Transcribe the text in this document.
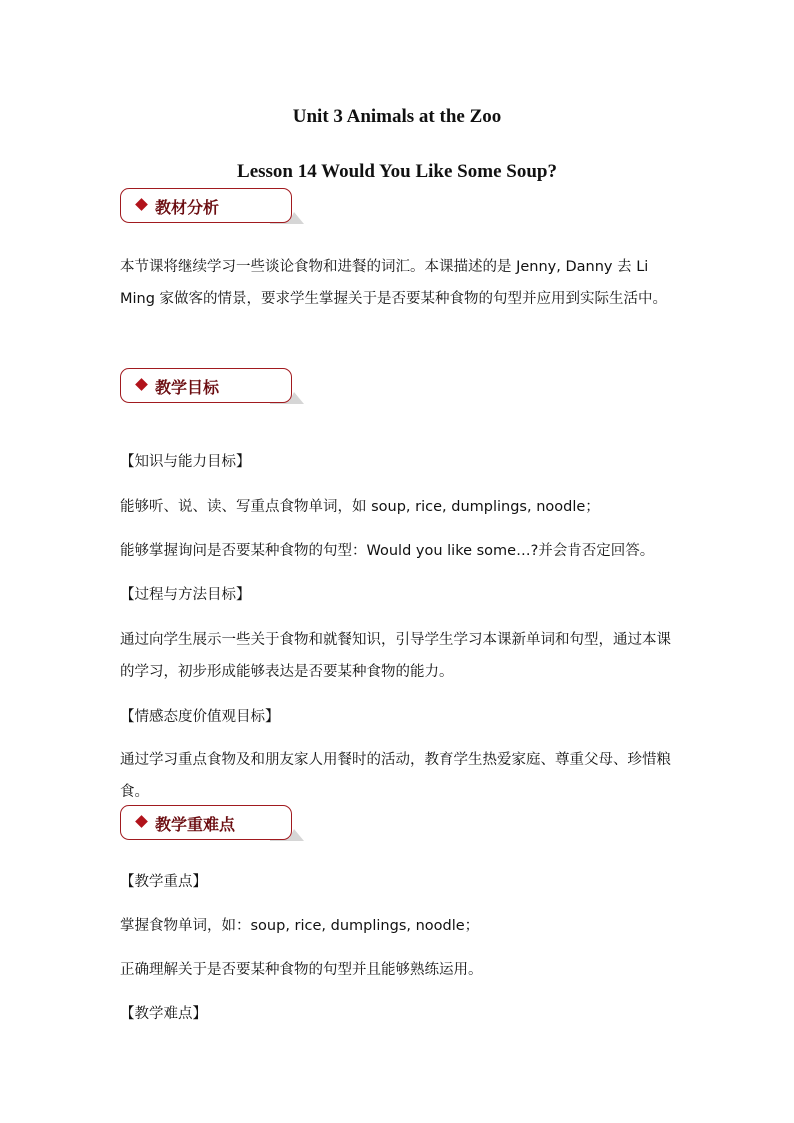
Unit 3 Animals at the Zoo
Lesson 14 Would You Like Some Soup?
教材分析

本节课将继续学习一些谈论食物和进餐的词汇。本课描述的是 Jenny, Danny 去 Li Ming 家做客的情景，要求学生掌握关于是否要某种食物的句型并应用到实际生活中。

教学目标

【知识与能力目标】

能够听、说、读、写重点食物单词，如 soup, rice, dumplings, noodle；

能够掌握询问是否要某种食物的句型：Would you like some…?并会肯否定回答。

【过程与方法目标】

通过向学生展示一些关于食物和就餐知识，引导学生学习本课新单词和句型，通过本课的学习，初步形成能够表达是否要某种食物的能力。

【情感态度价值观目标】

通过学习重点食物及和朋友家人用餐时的活动，教育学生热爱家庭、尊重父母、珍惜粮食。

教学重难点

【教学重点】

掌握食物单词，如：soup, rice, dumplings, noodle；

正确理解关于是否要某种食物的句型并且能够熟练运用。

【教学难点】
